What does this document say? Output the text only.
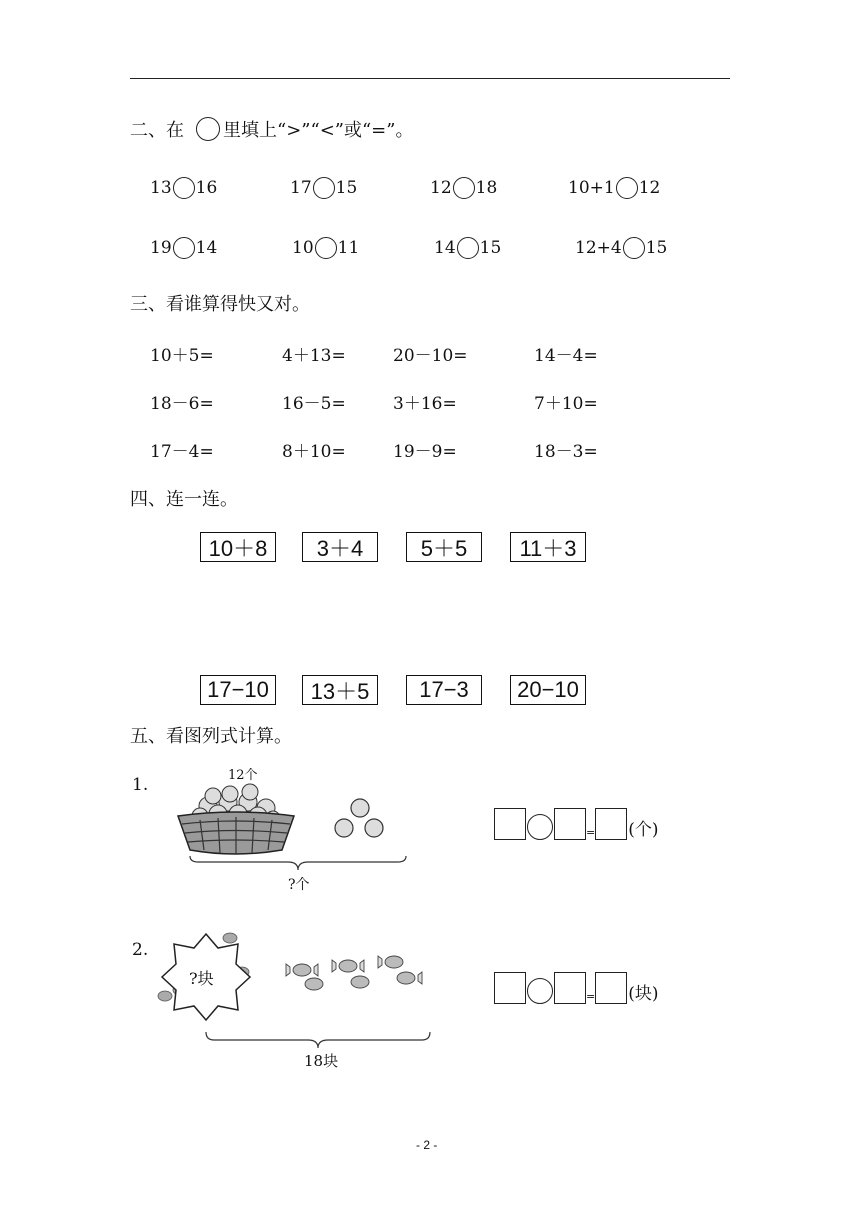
二、在 里填上“>”“<”或“=”。
13 16	17 15	12 18	10+1 12
19 14	10 11	14 15	12+4 15
三、看谁算得快又对。
10＋5=	4＋13=	20－10=	14－4=
18－6=	16－5=	3＋16=	7＋10=
17－4=	8＋10=	19－9=	18－3=
四、连一连。
10＋8	3＋4	5＋5	11＋3
17−10	13＋5	17−3	20−10
五、看图列式计算。
1.	12个
?个
= (个)
2.
?块
18块
= (块)
- 2 -
